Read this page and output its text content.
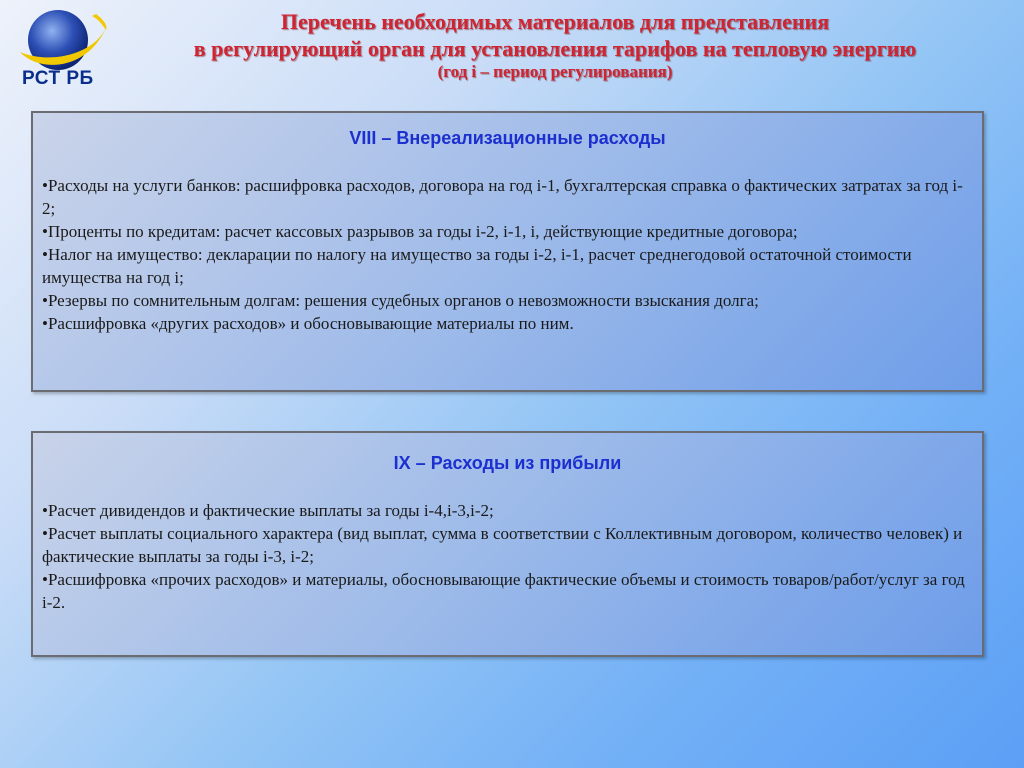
РСТ РБ
Перечень необходимых материалов для представления
в регулирующий орган для установления тарифов на тепловую энергию
(год i – период регулирования)
VIII – Внереализационные расходы
•Расходы на услуги банков: расшифровка расходов, договора на год i-1, бухгалтерская справка о фактических затратах за год i-2;
•Проценты по кредитам: расчет кассовых разрывов за годы i-2, i-1, i, действующие кредитные договора;
•Налог на имущество: декларации по налогу на имущество за годы i-2, i-1, расчет среднегодовой остаточной стоимости имущества на год i;
•Резервы по сомнительным долгам: решения судебных органов о невозможности взыскания долга;
•Расшифровка «других расходов» и обосновывающие материалы по ним.
IX – Расходы из прибыли
•Расчет дивидендов и фактические выплаты за годы i-4,i-3,i-2;
•Расчет выплаты социального характера (вид выплат, сумма в соответствии с Коллективным договором, количество человек) и фактические выплаты за годы i-3, i-2;
•Расшифровка «прочих расходов» и материалы, обосновывающие фактические объемы и стоимость товаров/работ/услуг за год i-2.
